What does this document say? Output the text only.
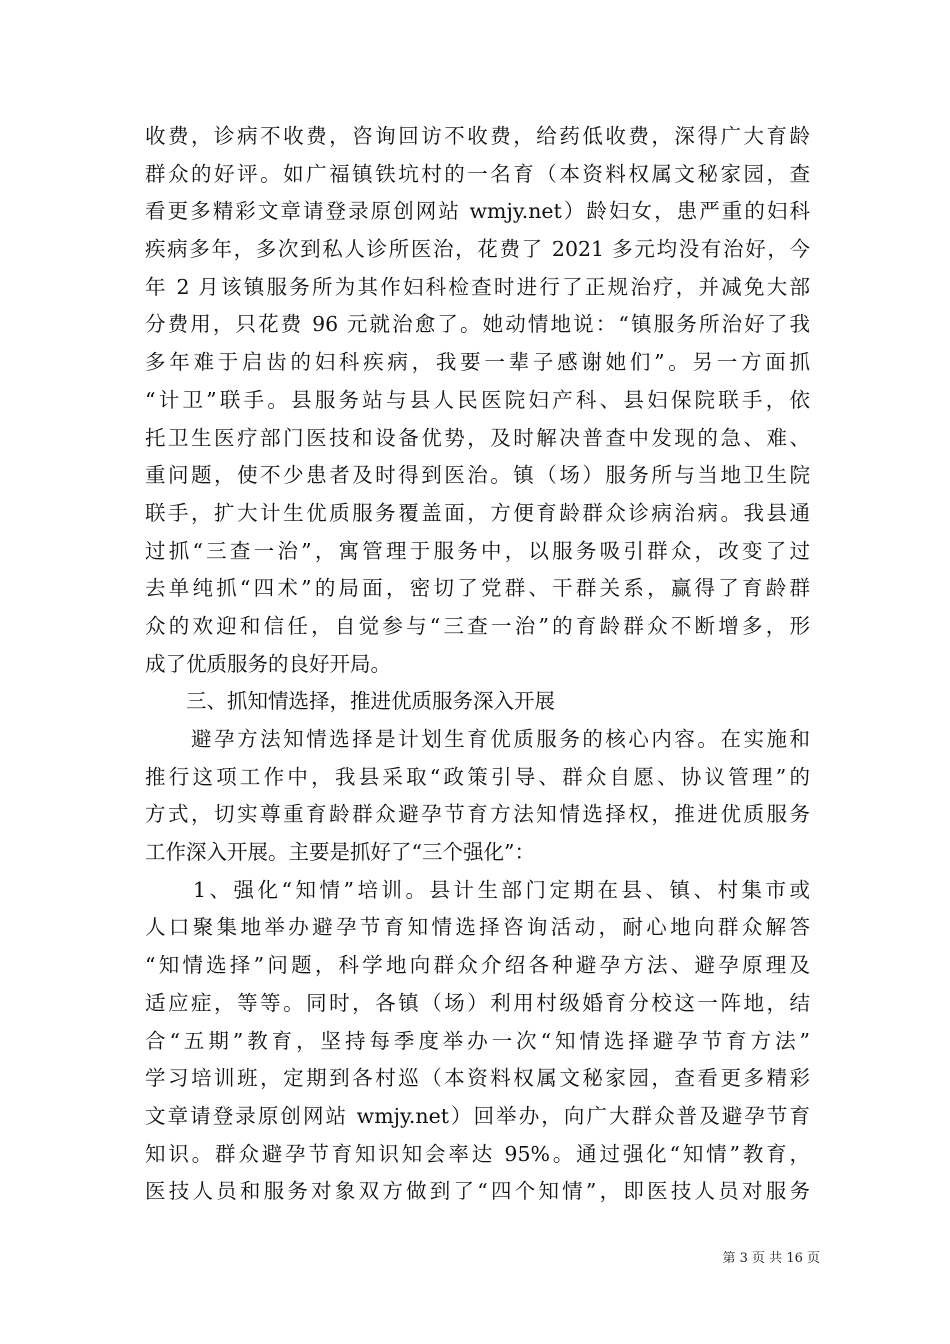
收费，诊病不收费，咨询回访不收费，给药低收费，深得广大育龄
群众的好评。如广福镇铁坑村的一名育（本资料权属文秘家园，查
看更多精彩文章请登录原创网站 wmjy.net）龄妇女，患严重的妇科
疾病多年，多次到私人诊所医治，花费了 2021 多元均没有治好，今
年 2 月该镇服务所为其作妇科检查时进行了正规治疗，并减免大部
分费用，只花费 96 元就治愈了。她动情地说：“镇服务所治好了我
多年难于启齿的妇科疾病，我要一辈子感谢她们”。另一方面抓
“计卫”联手。县服务站与县人民医院妇产科、县妇保院联手，依
托卫生医疗部门医技和设备优势，及时解决普查中发现的急、难、
重问题，使不少患者及时得到医治。镇（场）服务所与当地卫生院
联手，扩大计生优质服务覆盖面，方便育龄群众诊病治病。我县通
过抓“三查一治”，寓管理于服务中，以服务吸引群众，改变了过
去单纯抓“四术”的局面，密切了党群、干群关系，赢得了育龄群
众的欢迎和信任，自觉参与“三查一治”的育龄群众不断增多，形
成了优质服务的良好开局。
　　三、抓知情选择，推进优质服务深入开展
　　避孕方法知情选择是计划生育优质服务的核心内容。在实施和
推行这项工作中，我县采取“政策引导、群众自愿、协议管理”的
方式，切实尊重育龄群众避孕节育方法知情选择权，推进优质服务
工作深入开展。主要是抓好了“三个强化”：
　　1、强化“知情”培训。县计生部门定期在县、镇、村集市或
人口聚集地举办避孕节育知情选择咨询活动，耐心地向群众解答
“知情选择”问题，科学地向群众介绍各种避孕方法、避孕原理及
适应症，等等。同时，各镇（场）利用村级婚育分校这一阵地，结
合“五期”教育，坚持每季度举办一次“知情选择避孕节育方法”
学习培训班，定期到各村巡（本资料权属文秘家园，查看更多精彩
文章请登录原创网站 wmjy.net）回举办，向广大群众普及避孕节育
知识。群众避孕节育知识知会率达 95%。通过强化“知情”教育，
医技人员和服务对象双方做到了“四个知情”，即医技人员对服务
第 3 页 共 16 页
